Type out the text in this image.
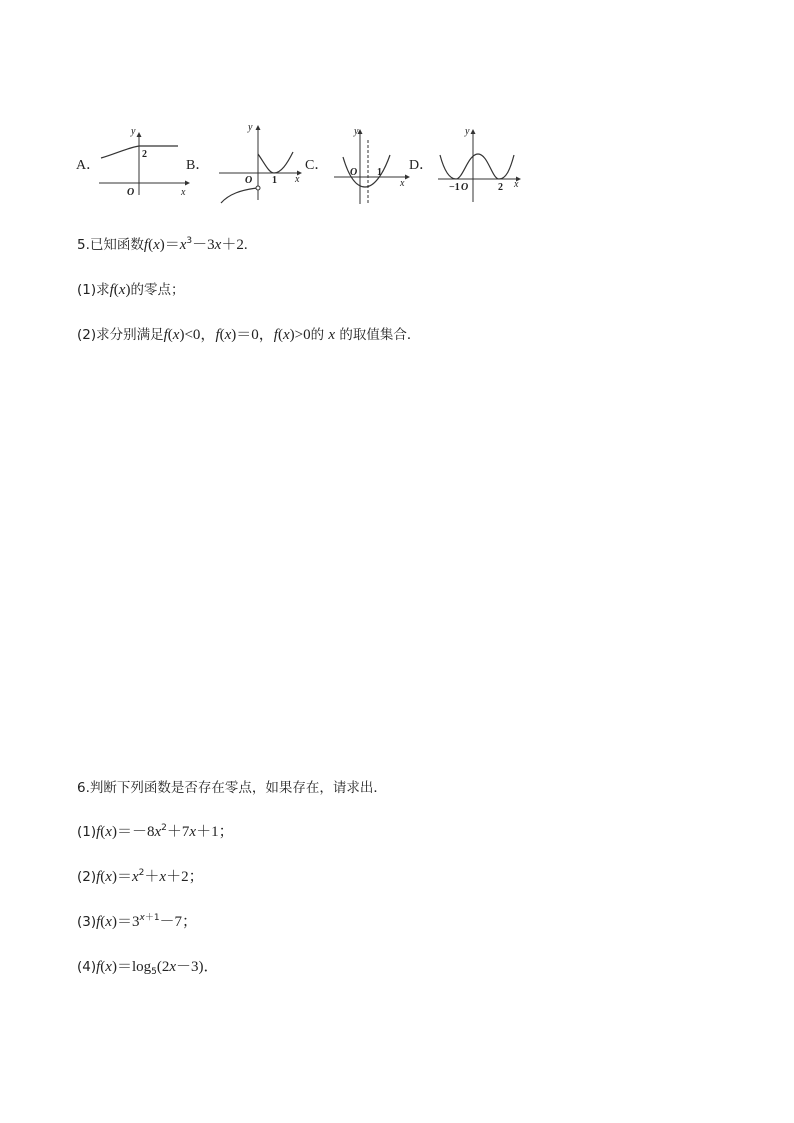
A．
y
x
O
2
B．
y
x
O 1
C．
y
x
O 1 D．
y
x
−1 O	2
5.已知函数$f(x)=x^3-3x+2$.
(1)求f(x)的零点；
(2)求分别满足f(x)<0，f(x)＝0，f(x)>0的 x 的取值集合．
6.判断下列函数是否存在零点，如果存在，请求出．
$(1)f(x)=-8x^2+7x+1$；
$(2)f(x)=x^2+x+2$；
$(3)f(x)=3^{x+1}-7$；
$(4)f(x)=\log_5(2x-3)$．
